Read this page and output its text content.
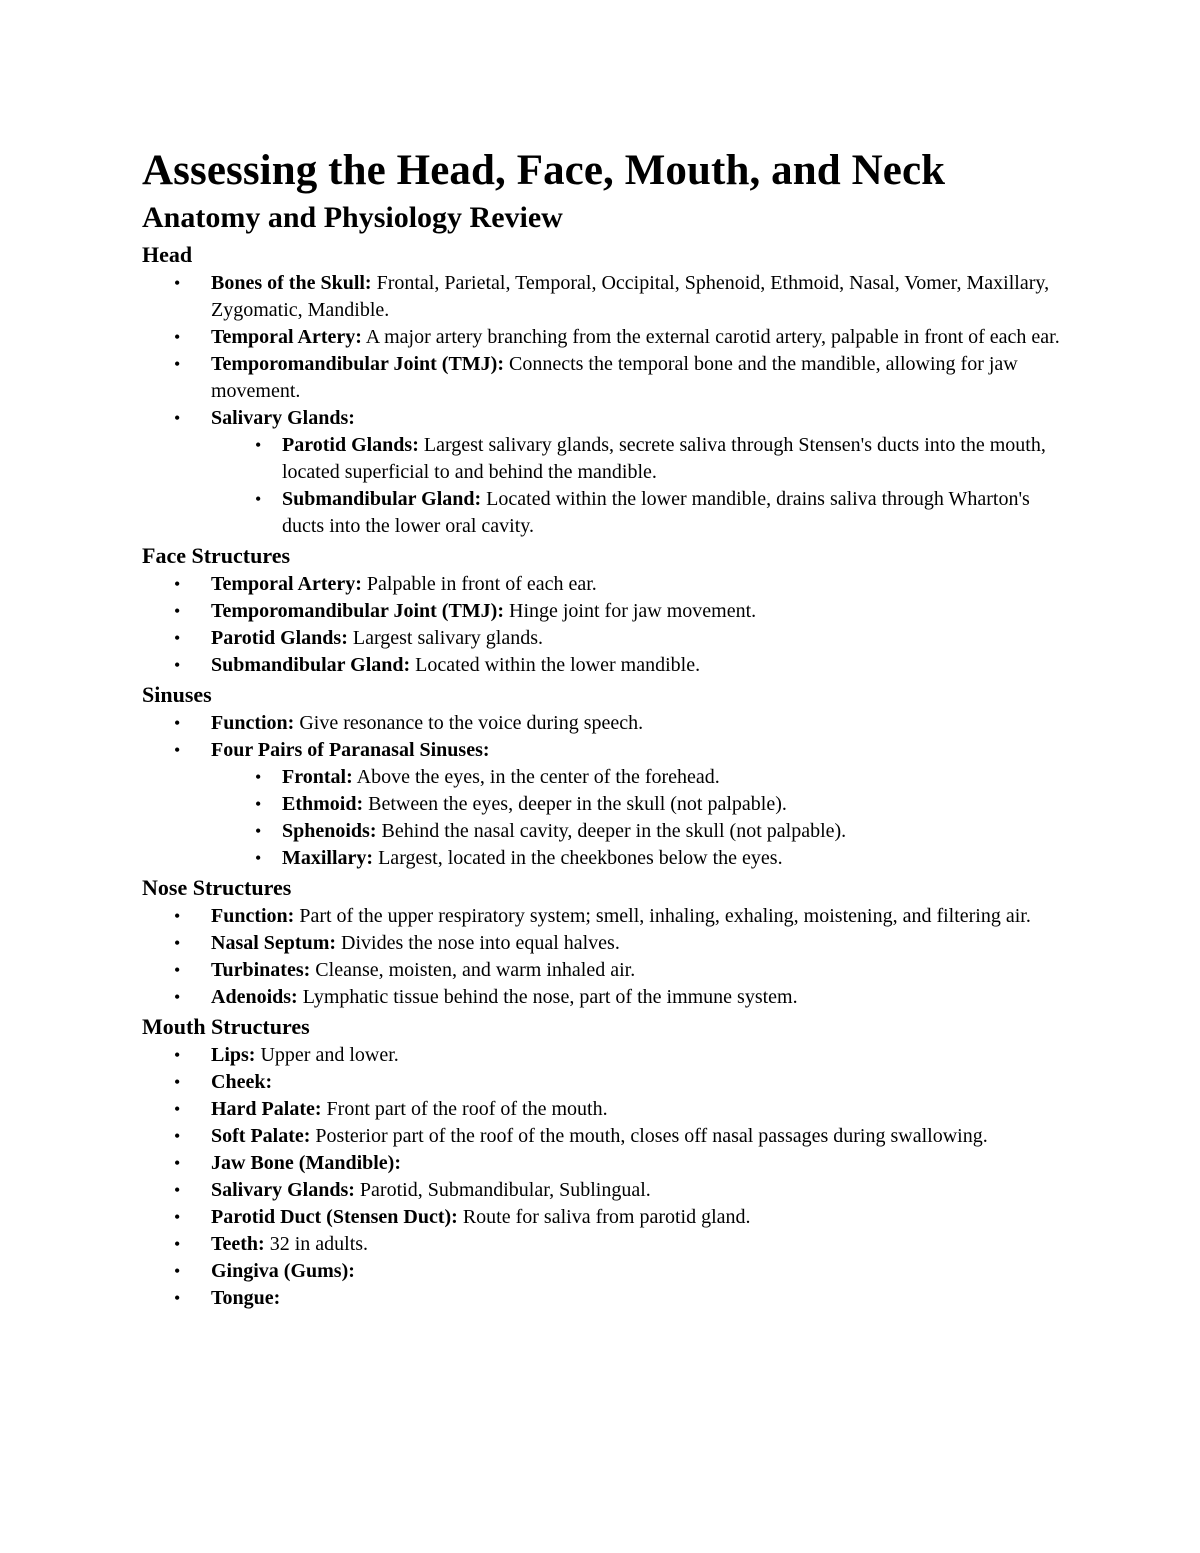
Assessing the Head, Face, Mouth, and Neck
Anatomy and Physiology Review
Head
• Bones of the Skull: Frontal, Parietal, Temporal, Occipital, Sphenoid, Ethmoid, Nasal, Vomer, Maxillary, Zygomatic, Mandible.
• Temporal Artery: A major artery branching from the external carotid artery, palpable in front of each ear.
• Temporomandibular Joint (TMJ): Connects the temporal bone and the mandible, allowing for jaw movement.
• Salivary Glands:
• Parotid Glands: Largest salivary glands, secrete saliva through Stensen's ducts into the mouth, located superficial to and behind the mandible.
• Submandibular Gland: Located within the lower mandible, drains saliva through Wharton's ducts into the lower oral cavity.
Face Structures
• Temporal Artery: Palpable in front of each ear.
• Temporomandibular Joint (TMJ): Hinge joint for jaw movement.
• Parotid Glands: Largest salivary glands.
• Submandibular Gland: Located within the lower mandible.
Sinuses
• Function: Give resonance to the voice during speech.
• Four Pairs of Paranasal Sinuses:
• Frontal: Above the eyes, in the center of the forehead.
• Ethmoid: Between the eyes, deeper in the skull (not palpable).
• Sphenoids: Behind the nasal cavity, deeper in the skull (not palpable).
• Maxillary: Largest, located in the cheekbones below the eyes.
Nose Structures
• Function: Part of the upper respiratory system; smell, inhaling, exhaling, moistening, and filtering air.
• Nasal Septum: Divides the nose into equal halves.
• Turbinates: Cleanse, moisten, and warm inhaled air.
• Adenoids: Lymphatic tissue behind the nose, part of the immune system.
Mouth Structures
• Lips: Upper and lower.
• Cheek:
• Hard Palate: Front part of the roof of the mouth.
• Soft Palate: Posterior part of the roof of the mouth, closes off nasal passages during swallowing.
• Jaw Bone (Mandible):
• Salivary Glands: Parotid, Submandibular, Sublingual.
• Parotid Duct (Stensen Duct): Route for saliva from parotid gland.
• Teeth: 32 in adults.
• Gingiva (Gums):
• Tongue:
